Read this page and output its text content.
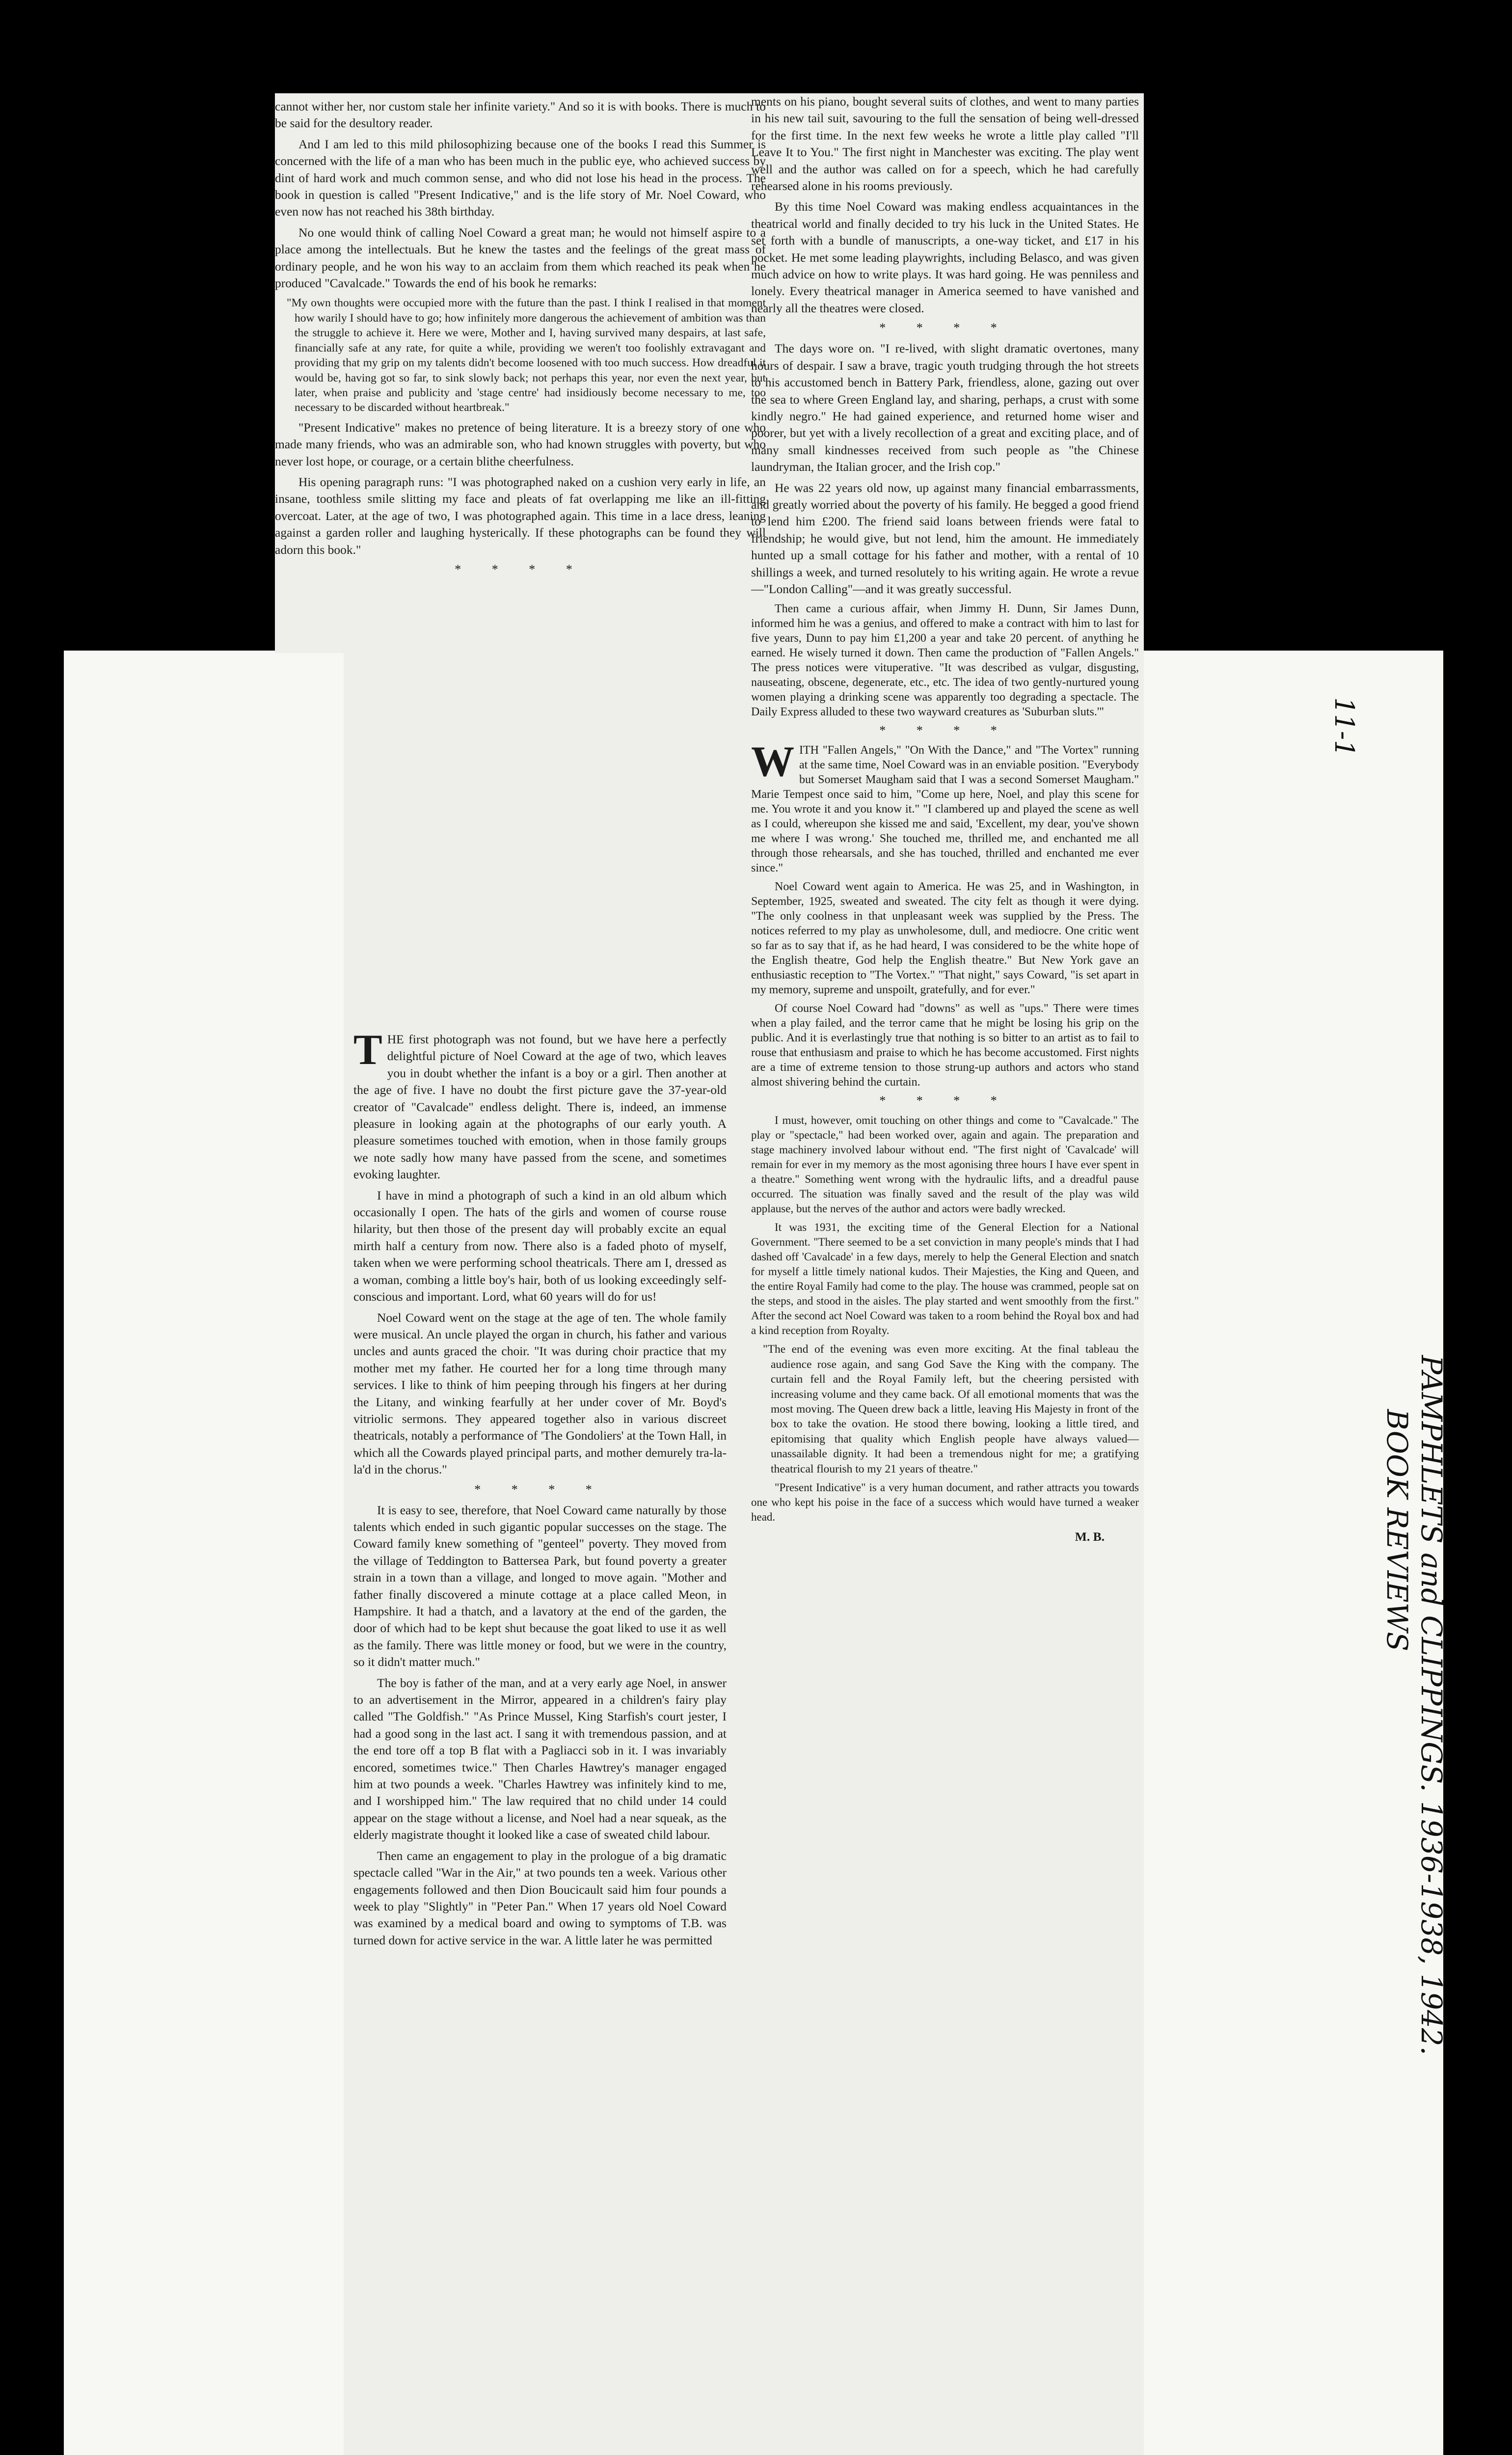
cannot wither her, nor custom stale her infinite variety." And so it is with books. There is much to be said for the desultory reader.

And I am led to this mild philosophizing because one of the books I read this Summer is concerned with the life of a man who has been much in the public eye, who achieved success by dint of hard work and much common sense, and who did not lose his head in the process. The book in question is called "Present Indicative," and is the life story of Mr. Noel Coward, who even now has not reached his 38th birthday.

No one would think of calling Noel Coward a great man; he would not himself aspire to a place among the intellectuals. But he knew the tastes and the feelings of the great mass of ordinary people, and he won his way to an acclaim from them which reached its peak when he produced "Cavalcade." Towards the end of his book he remarks:

"My own thoughts were occupied more with the future than the past. I think I realised in that moment how warily I should have to go; how infinitely more dangerous the achievement of ambition was than the struggle to achieve it. Here we were, Mother and I, having survived many despairs, at last safe, financially safe at any rate, for quite a while, providing we weren't too foolishly extravagant and providing that my grip on my talents didn't become loosened with too much success. How dreadful it would be, having got so far, to sink slowly back; not perhaps this year, nor even the next year, but later, when praise and publicity and 'stage centre' had insidiously become necessary to me, too necessary to be discarded without heartbreak."

"Present Indicative" makes no pretence of being literature. It is a breezy story of one who made many friends, who was an admirable son, who had known struggles with poverty, but who never lost hope, or courage, or a certain blithe cheerfulness.

His opening paragraph runs: "I was photographed naked on a cushion very early in life, an insane, toothless smile slitting my face and pleats of fat overlapping me like an ill-fitting overcoat. Later, at the age of two, I was photographed again. This time in a lace dress, leaning against a garden roller and laughing hysterically. If these photographs can be found they will adorn this book."

* * * *

THE first photograph was not found, but we have here a perfectly delightful picture of Noel Coward at the age of two, which leaves you in doubt whether the infant is a boy or a girl. Then another at the age of five. I have no doubt the first picture gave the 37-year-old creator of "Cavalcade" endless delight. There is, indeed, an immense pleasure in looking again at the photographs of our early youth. A pleasure sometimes touched with emotion, when in those family groups we note sadly how many have passed from the scene, and sometimes evoking laughter.

I have in mind a photograph of such a kind in an old album which occasionally I open. The hats of the girls and women of course rouse hilarity, but then those of the present day will probably excite an equal mirth half a century from now. There also is a faded photo of myself, taken when we were performing school theatricals. There am I, dressed as a woman, combing a little boy's hair, both of us looking exceedingly self-conscious and important. Lord, what 60 years will do for us!

Noel Coward went on the stage at the age of ten. The whole family were musical. An uncle played the organ in church, his father and various uncles and aunts graced the choir. "It was during choir practice that my mother met my father. He courted her for a long time through many services. I like to think of him peeping through his fingers at her during the Litany, and winking fearfully at her under cover of Mr. Boyd's vitriolic sermons. They appeared together also in various discreet theatricals, notably a performance of 'The Gondoliers' at the Town Hall, in which all the Cowards played principal parts, and mother demurely tra-la-la'd in the chorus."

* * * *

It is easy to see, therefore, that Noel Coward came naturally by those talents which ended in such gigantic popular successes on the stage. The Coward family knew something of "genteel" poverty. They moved from the village of Teddington to Battersea Park, but found poverty a greater strain in a town than a village, and longed to move again. "Mother and father finally discovered a minute cottage at a place called Meon, in Hampshire. It had a thatch, and a lavatory at the end of the garden, the door of which had to be kept shut because the goat liked to use it as well as the family. There was little money or food, but we were in the country, so it didn't matter much."

The boy is father of the man, and at a very early age Noel, in answer to an advertisement in the Mirror, appeared in a children's fairy play called "The Goldfish." "As Prince Mussel, King Starfish's court jester, I had a good song in the last act. I sang it with tremendous passion, and at the end tore off a top B flat with a Pagliacci sob in it. I was invariably encored, sometimes twice." Then Charles Hawtrey's manager engaged him at two pounds a week. "Charles Hawtrey was infinitely kind to me, and I worshipped him." The law required that no child under 14 could appear on the stage without a license, and Noel had a near squeak, as the elderly magistrate thought it looked like a case of sweated child labour.

Then came an engagement to play in the prologue of a big dramatic spectacle called "War in the Air," at two pounds ten a week. Various other engagements followed and then Dion Boucicault said him four pounds a week to play "Slightly" in "Peter Pan." When 17 years old Noel Coward was examined by a medical board and owing to symptoms of T.B. was turned down for active service in the war. A little later he was permitted

ments on his piano, bought several suits of clothes, and went to many parties in his new tail suit, savouring to the full the sensation of being well-dressed for the first time. In the next few weeks he wrote a little play called "I'll Leave It to You." The first night in Manchester was exciting. The play went well and the author was called on for a speech, which he had carefully rehearsed alone in his rooms previously.

By this time Noel Coward was making endless acquaintances in the theatrical world and finally decided to try his luck in the United States. He set forth with a bundle of manuscripts, a one-way ticket, and £17 in his pocket. He met some leading playwrights, including Belasco, and was given much advice on how to write plays. It was hard going. He was penniless and lonely. Every theatrical manager in America seemed to have vanished and nearly all the theatres were closed.

* * * *

The days wore on. "I re-lived, with slight dramatic overtones, many hours of despair. I saw a brave, tragic youth trudging through the hot streets to his accustomed bench in Battery Park, friendless, alone, gazing out over the sea to where Green England lay, and sharing, perhaps, a crust with some kindly negro." He had gained experience, and returned home wiser and poorer, but yet with a lively recollection of a great and exciting place, and of many small kindnesses received from such people as "the Chinese laundryman, the Italian grocer, and the Irish cop."

He was 22 years old now, up against many financial embarrassments, and greatly worried about the poverty of his family. He begged a good friend to lend him £200. The friend said loans between friends were fatal to friendship; he would give, but not lend, him the amount. He immediately hunted up a small cottage for his father and mother, with a rental of 10 shillings a week, and turned resolutely to his writing again. He wrote a revue—"London Calling"—and it was greatly successful.

Then came a curious affair, when Jimmy H. Dunn, Sir James Dunn, informed him he was a genius, and offered to make a contract with him to last for five years, Dunn to pay him £1,200 a year and take 20 percent. of anything he earned. He wisely turned it down. Then came the production of "Fallen Angels." The press notices were vituperative. "It was described as vulgar, disgusting, nauseating, obscene, degenerate, etc., etc. The idea of two gently-nurtured young women playing a drinking scene was apparently too degrading a spectacle. The Daily Express alluded to these two wayward creatures as 'Suburban sluts.'"

* * * *

WITH "Fallen Angels," "On With the Dance," and "The Vortex" running at the same time, Noel Coward was in an enviable position. "Everybody but Somerset Maugham said that I was a second Somerset Maugham." Marie Tempest once said to him, "Come up here, Noel, and play this scene for me. You wrote it and you know it." "I clambered up and played the scene as well as I could, whereupon she kissed me and said, 'Excellent, my dear, you've shown me where I was wrong.' She touched me, thrilled me, and enchanted me all through those rehearsals, and she has touched, thrilled and enchanted me ever since."

Noel Coward went again to America. He was 25, and in Washington, in September, 1925, sweated and sweated. The city felt as though it were dying. "The only coolness in that unpleasant week was supplied by the Press. The notices referred to my play as unwholesome, dull, and mediocre. One critic went so far as to say that if, as he had heard, I was considered to be the white hope of the English theatre, God help the English theatre." But New York gave an enthusiastic reception to "The Vortex." "That night," says Coward, "is set apart in my memory, supreme and unspoilt, gratefully, and for ever."

Of course Noel Coward had "downs" as well as "ups." There were times when a play failed, and the terror came that he might be losing his grip on the public. And it is everlastingly true that nothing is so bitter to an artist as to fail to rouse that enthusiasm and praise to which he has become accustomed. First nights are a time of extreme tension to those strung-up authors and actors who stand almost shivering behind the curtain.

* * * *

I must, however, omit touching on other things and come to "Cavalcade." The play or "spectacle," had been worked over, again and again. The preparation and stage machinery involved labour without end. "The first night of 'Cavalcade' will remain for ever in my memory as the most agonising three hours I have ever spent in a theatre." Something went wrong with the hydraulic lifts, and a dreadful pause occurred. The situation was finally saved and the result of the play was wild applause, but the nerves of the author and actors were badly wrecked.

It was 1931, the exciting time of the General Election for a National Government. "There seemed to be a set conviction in many people's minds that I had dashed off 'Cavalcade' in a few days, merely to help the General Election and snatch for myself a little timely national kudos. Their Majesties, the King and Queen, and the entire Royal Family had come to the play. The house was crammed, people sat on the steps, and stood in the aisles. The play started and went smoothly from the first." After the second act Noel Coward was taken to a room behind the Royal box and had a kind reception from Royalty.

"The end of the evening was even more exciting. At the final tableau the audience rose again, and sang God Save the King with the company. The curtain fell and the Royal Family left, but the cheering persisted with increasing volume and they came back. Of all emotional moments that was the most moving. The Queen drew back a little, leaving His Majesty in front of the box to take the ovation. He stood there bowing, looking a little tired, and epitomising that quality which English people have always valued—unassailable dignity. It had been a tremendous night for me; a gratifying theatrical flourish to my 21 years of theatre."

"Present Indicative" is a very human document, and rather attracts you towards one who kept his poise in the face of a success which would have turned a weaker head.

M. B.
11-1
PAMPHLETS and CLIPPINGS. 1936-1938, 1942.
BOOK REVIEWS
